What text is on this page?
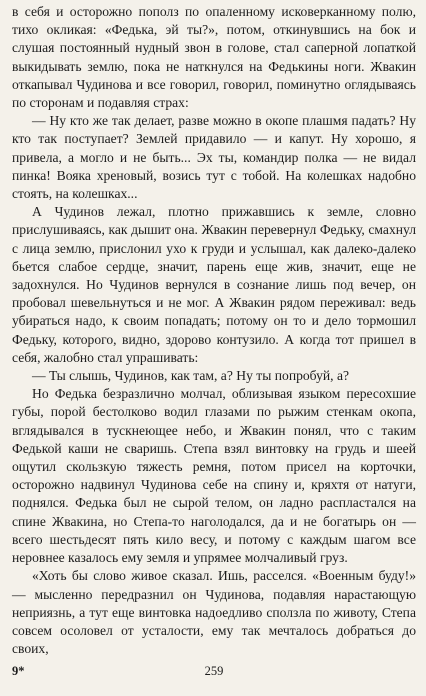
в себя и осторожно пополз по опаленному исковерканному полю, тихо окликая: «Федька, эй ты?», потом, откинувшись на бок и слушая постоянный нудный звон в голове, стал саперной лопаткой выкидывать землю, пока не наткнулся на Федькины ноги. Жвакин откапывал Чудинова и все говорил, говорил, поминутно оглядываясь по сторонам и подавляя страх:

— Ну кто же так делает, разве можно в окопе плашмя падать? Ну кто так поступает? Землей придавило — и капут. Ну хорошо, я привела, а могло и не быть... Эх ты, командир полка — не видал пинка! Вояка хреновый, возись тут с тобой. На колешках надобно стоять, на колешках...

А Чудинов лежал, плотно прижавшись к земле, словно прислушиваясь, как дышит она. Жвакин перевернул Федьку, смахнул с лица землю, прислонил ухо к груди и услышал, как далеко-далеко бьется слабое сердце, значит, парень еще жив, значит, еще не задохнулся. Но Чудинов вернулся в сознание лишь под вечер, он пробовал шевельнуться и не мог. А Жвакин рядом переживал: ведь убираться надо, к своим попадать; потому он то и дело тормошил Федьку, которого, видно, здорово контузило. А когда тот пришел в себя, жалобно стал упрашивать:

— Ты слышь, Чудинов, как там, а? Ну ты попробуй, а?

Но Федька безразлично молчал, облизывая языком пересохшие губы, порой бестолково водил глазами по рыжим стенкам окопа, вглядывался в тускнеющее небо, и Жвакин понял, что с таким Федькой каши не сваришь. Степа взял винтовку на грудь и шеей ощутил скользкую тяжесть ремня, потом присел на корточки, осторожно надвинул Чудинова себе на спину и, кряхтя от натуги, поднялся. Федька был не сырой телом, он ладно распластался на спине Жвакина, но Степа-то наголодался, да и не богатырь он — всего шестьдесят пять кило весу, и потому с каждым шагом все неровнее казалось ему земля и упрямее молчаливый груз.

«Хоть бы слово живое сказал. Ишь, расселся. «Военным буду!» — мысленно передразнил он Чудинова, подавляя нарастающую неприязнь, а тут еще винтовка надоедливо сползла по животу, Степа совсем осоловел от усталости, ему так мечталось добраться до своих,

9*	259
